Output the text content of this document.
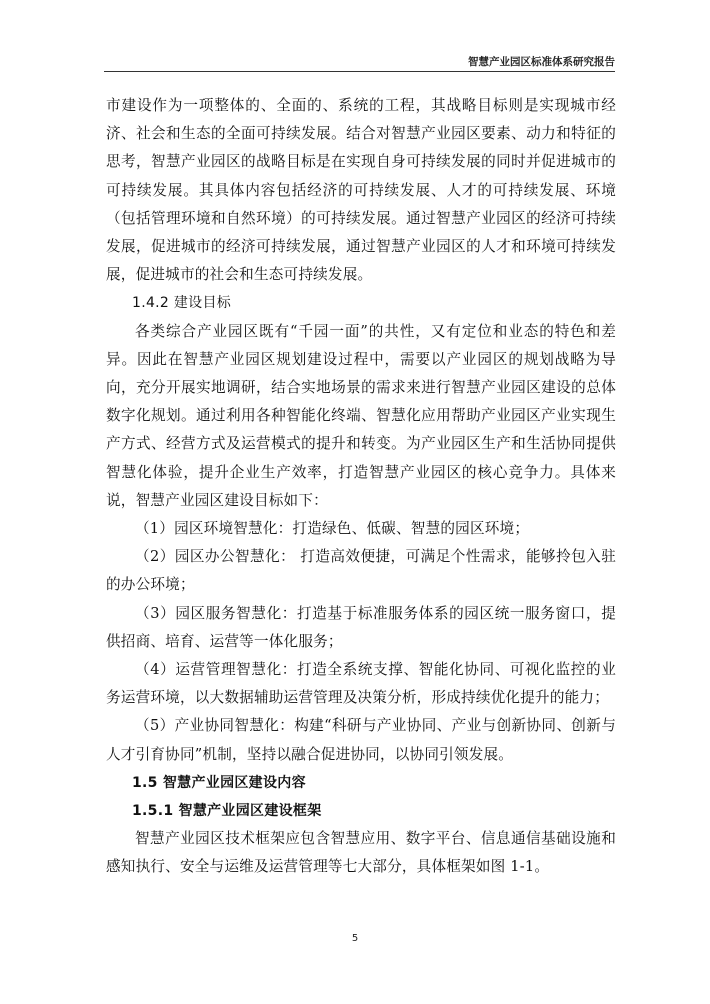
智慧产业园区标准体系研究报告

市建设作为一项整体的、全面的、系统的工程，其战略目标则是实现城市经济、社会和生态的全面可持续发展。结合对智慧产业园区要素、动力和特征的思考，智慧产业园区的战略目标是在实现自身可持续发展的同时并促进城市的可持续发展。其具体内容包括经济的可持续发展、人才的可持续发展、环境（包括管理环境和自然环境）的可持续发展。通过智慧产业园区的经济可持续发展，促进城市的经济可持续发展，通过智慧产业园区的人才和环境可持续发展，促进城市的社会和生态可持续发展。

1.4.2 建设目标

各类综合产业园区既有“千园一面”的共性，又有定位和业态的特色和差异。因此在智慧产业园区规划建设过程中，需要以产业园区的规划战略为导向，充分开展实地调研，结合实地场景的需求来进行智慧产业园区建设的总体数字化规划。通过利用各种智能化终端、智慧化应用帮助产业园区产业实现生产方式、经营方式及运营模式的提升和转变。为产业园区生产和生活协同提供智慧化体验，提升企业生产效率，打造智慧产业园区的核心竞争力。具体来说，智慧产业园区建设目标如下：

（1）园区环境智慧化：打造绿色、低碳、智慧的园区环境；

（2）园区办公智慧化： 打造高效便捷，可满足个性需求，能够拎包入驻的办公环境；

（3）园区服务智慧化：打造基于标准服务体系的园区统一服务窗口，提供招商、培育、运营等一体化服务；

（4）运营管理智慧化：打造全系统支撑、智能化协同、可视化监控的业务运营环境，以大数据辅助运营管理及决策分析，形成持续优化提升的能力；

（5）产业协同智慧化：构建“科研与产业协同、产业与创新协同、创新与人才引育协同”机制，坚持以融合促进协同，以协同引领发展。

1.5 智慧产业园区建设内容

1.5.1 智慧产业园区建设框架

智慧产业园区技术框架应包含智慧应用、数字平台、信息通信基础设施和感知执行、安全与运维及运营管理等七大部分，具体框架如图 1-1。

5
